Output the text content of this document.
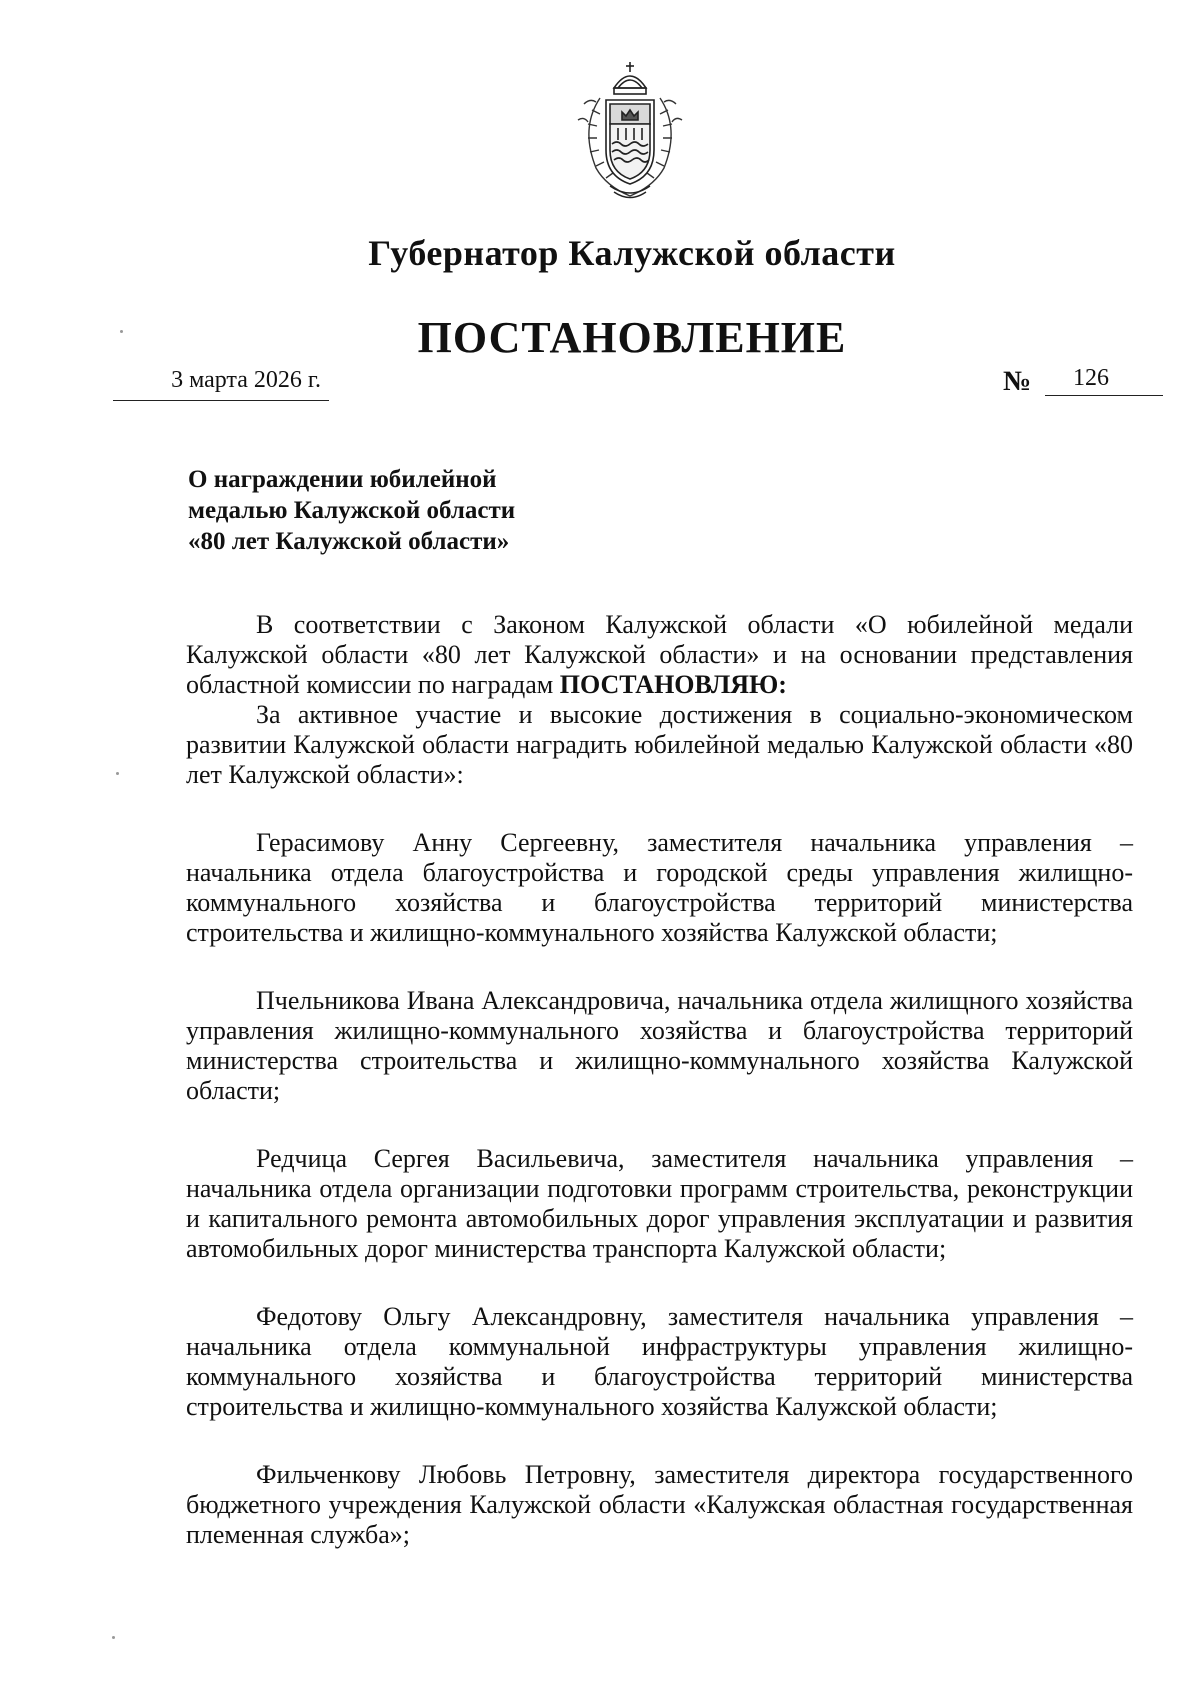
Губернатор Калужской области
ПОСТАНОВЛЕНИЕ
3 марта 2026 г.	№ 126
О награждении юбилейной
медалью Калужской области
«80 лет Калужской области»

В соответствии с Законом Калужской области «О юбилейной медали Калужской области «80 лет Калужской области» и на основании представления областной комиссии по наградам ПОСТАНОВЛЯЮ:

За активное участие и высокие достижения в социально-экономическом развитии Калужской области наградить юбилейной медалью Калужской области «80 лет Калужской области»:

Герасимову Анну Сергеевну, заместителя начальника управления – начальника отдела благоустройства и городской среды управления жилищно-коммунального хозяйства и благоустройства территорий министерства строительства и жилищно-коммунального хозяйства Калужской области;

Пчельникова Ивана Александровича, начальника отдела жилищного хозяйства управления жилищно-коммунального хозяйства и благоустройства территорий министерства строительства и жилищно-коммунального хозяйства Калужской области;

Редчица Сергея Васильевича, заместителя начальника управления – начальника отдела организации подготовки программ строительства, реконструкции и капитального ремонта автомобильных дорог управления эксплуатации и развития автомобильных дорог министерства транспорта Калужской области;

Федотову Ольгу Александровну, заместителя начальника управления – начальника отдела коммунальной инфраструктуры управления жилищно-коммунального хозяйства и благоустройства территорий министерства строительства и жилищно-коммунального хозяйства Калужской области;

Фильченкову Любовь Петровну, заместителя директора государственного бюджетного учреждения Калужской области «Калужская областная государственная племенная служба»;
